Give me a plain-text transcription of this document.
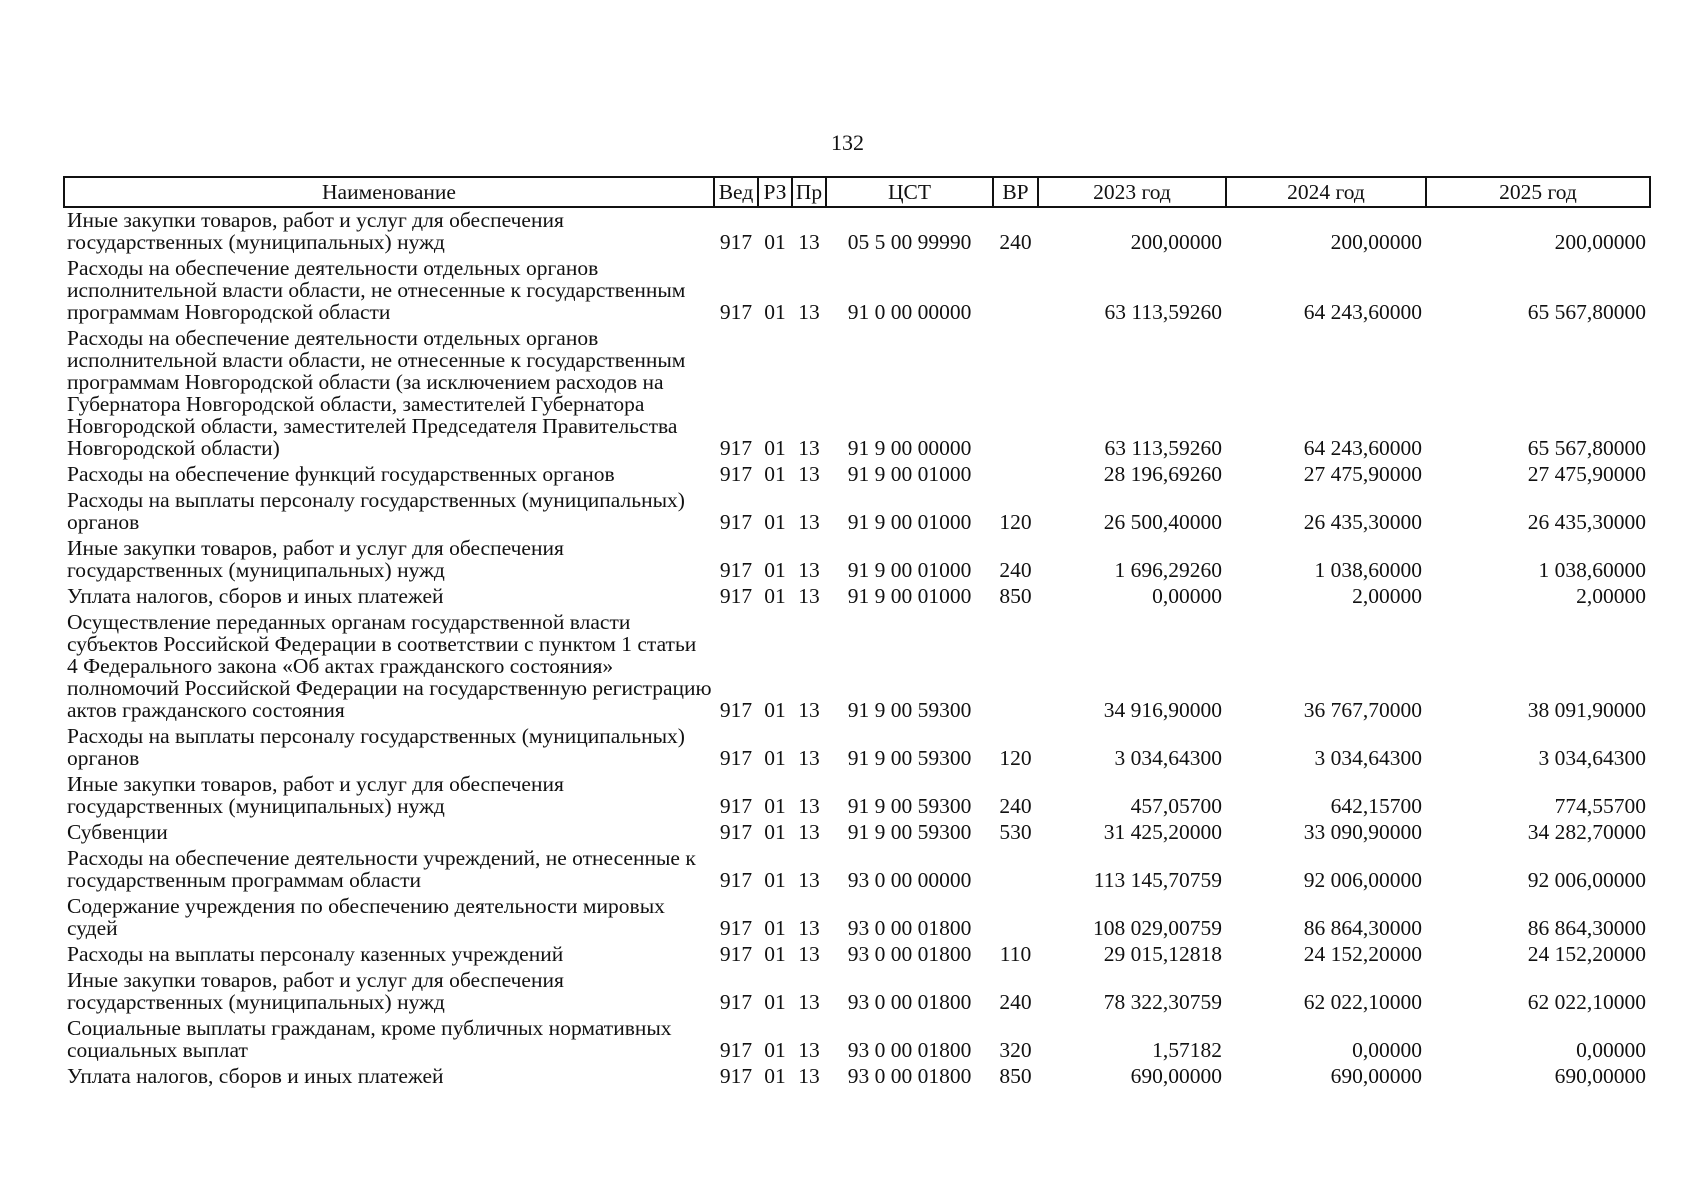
132
Наименование	Вед	РЗ	Пр	ЦСТ	ВР	2023 год	2024 год	2025 год
Иные закупки товаров, работ и услуг для обеспечения государственных (муниципальных) нужд	917	01	13	05 5 00 99990	240	200,00000	200,00000	200,00000
Расходы на обеспечение деятельности отдельных органов исполнительной власти области, не отнесенные к государственным программам Новгородской области	917	01	13	91 0 00 00000		63 113,59260	64 243,60000	65 567,80000
Расходы на обеспечение деятельности отдельных органов исполнительной власти области, не отнесенные к государственным программам Новгородской области (за исключением расходов на Губернатора Новгородской области, заместителей Губернатора Новгородской области, заместителей Председателя Правительства Новгородской области)	917	01	13	91 9 00 00000		63 113,59260	64 243,60000	65 567,80000
Расходы на обеспечение функций государственных органов	917	01	13	91 9 00 01000		28 196,69260	27 475,90000	27 475,90000
Расходы на выплаты персоналу государственных (муниципальных) органов	917	01	13	91 9 00 01000	120	26 500,40000	26 435,30000	26 435,30000
Иные закупки товаров, работ и услуг для обеспечения государственных (муниципальных) нужд	917	01	13	91 9 00 01000	240	1 696,29260	1 038,60000	1 038,60000
Уплата налогов, сборов и иных платежей	917	01	13	91 9 00 01000	850	0,00000	2,00000	2,00000
Осуществление переданных органам государственной власти субъектов Российской Федерации в соответствии с пунктом 1 статьи 4 Федерального закона «Об актах гражданского состояния» полномочий Российской Федерации на государственную регистрацию актов гражданского состояния	917	01	13	91 9 00 59300		34 916,90000	36 767,70000	38 091,90000
Расходы на выплаты персоналу государственных (муниципальных) органов	917	01	13	91 9 00 59300	120	3 034,64300	3 034,64300	3 034,64300
Иные закупки товаров, работ и услуг для обеспечения государственных (муниципальных) нужд	917	01	13	91 9 00 59300	240	457,05700	642,15700	774,55700
Субвенции	917	01	13	91 9 00 59300	530	31 425,20000	33 090,90000	34 282,70000
Расходы на обеспечение деятельности учреждений, не отнесенные к государственным программам области	917	01	13	93 0 00 00000		113 145,70759	92 006,00000	92 006,00000
Содержание учреждения по обеспечению деятельности мировых судей	917	01	13	93 0 00 01800		108 029,00759	86 864,30000	86 864,30000
Расходы на выплаты персоналу казенных учреждений	917	01	13	93 0 00 01800	110	29 015,12818	24 152,20000	24 152,20000
Иные закупки товаров, работ и услуг для обеспечения государственных (муниципальных) нужд	917	01	13	93 0 00 01800	240	78 322,30759	62 022,10000	62 022,10000
Социальные выплаты гражданам, кроме публичных нормативных социальных выплат	917	01	13	93 0 00 01800	320	1,57182	0,00000	0,00000
Уплата налогов, сборов и иных платежей	917	01	13	93 0 00 01800	850	690,00000	690,00000	690,00000
